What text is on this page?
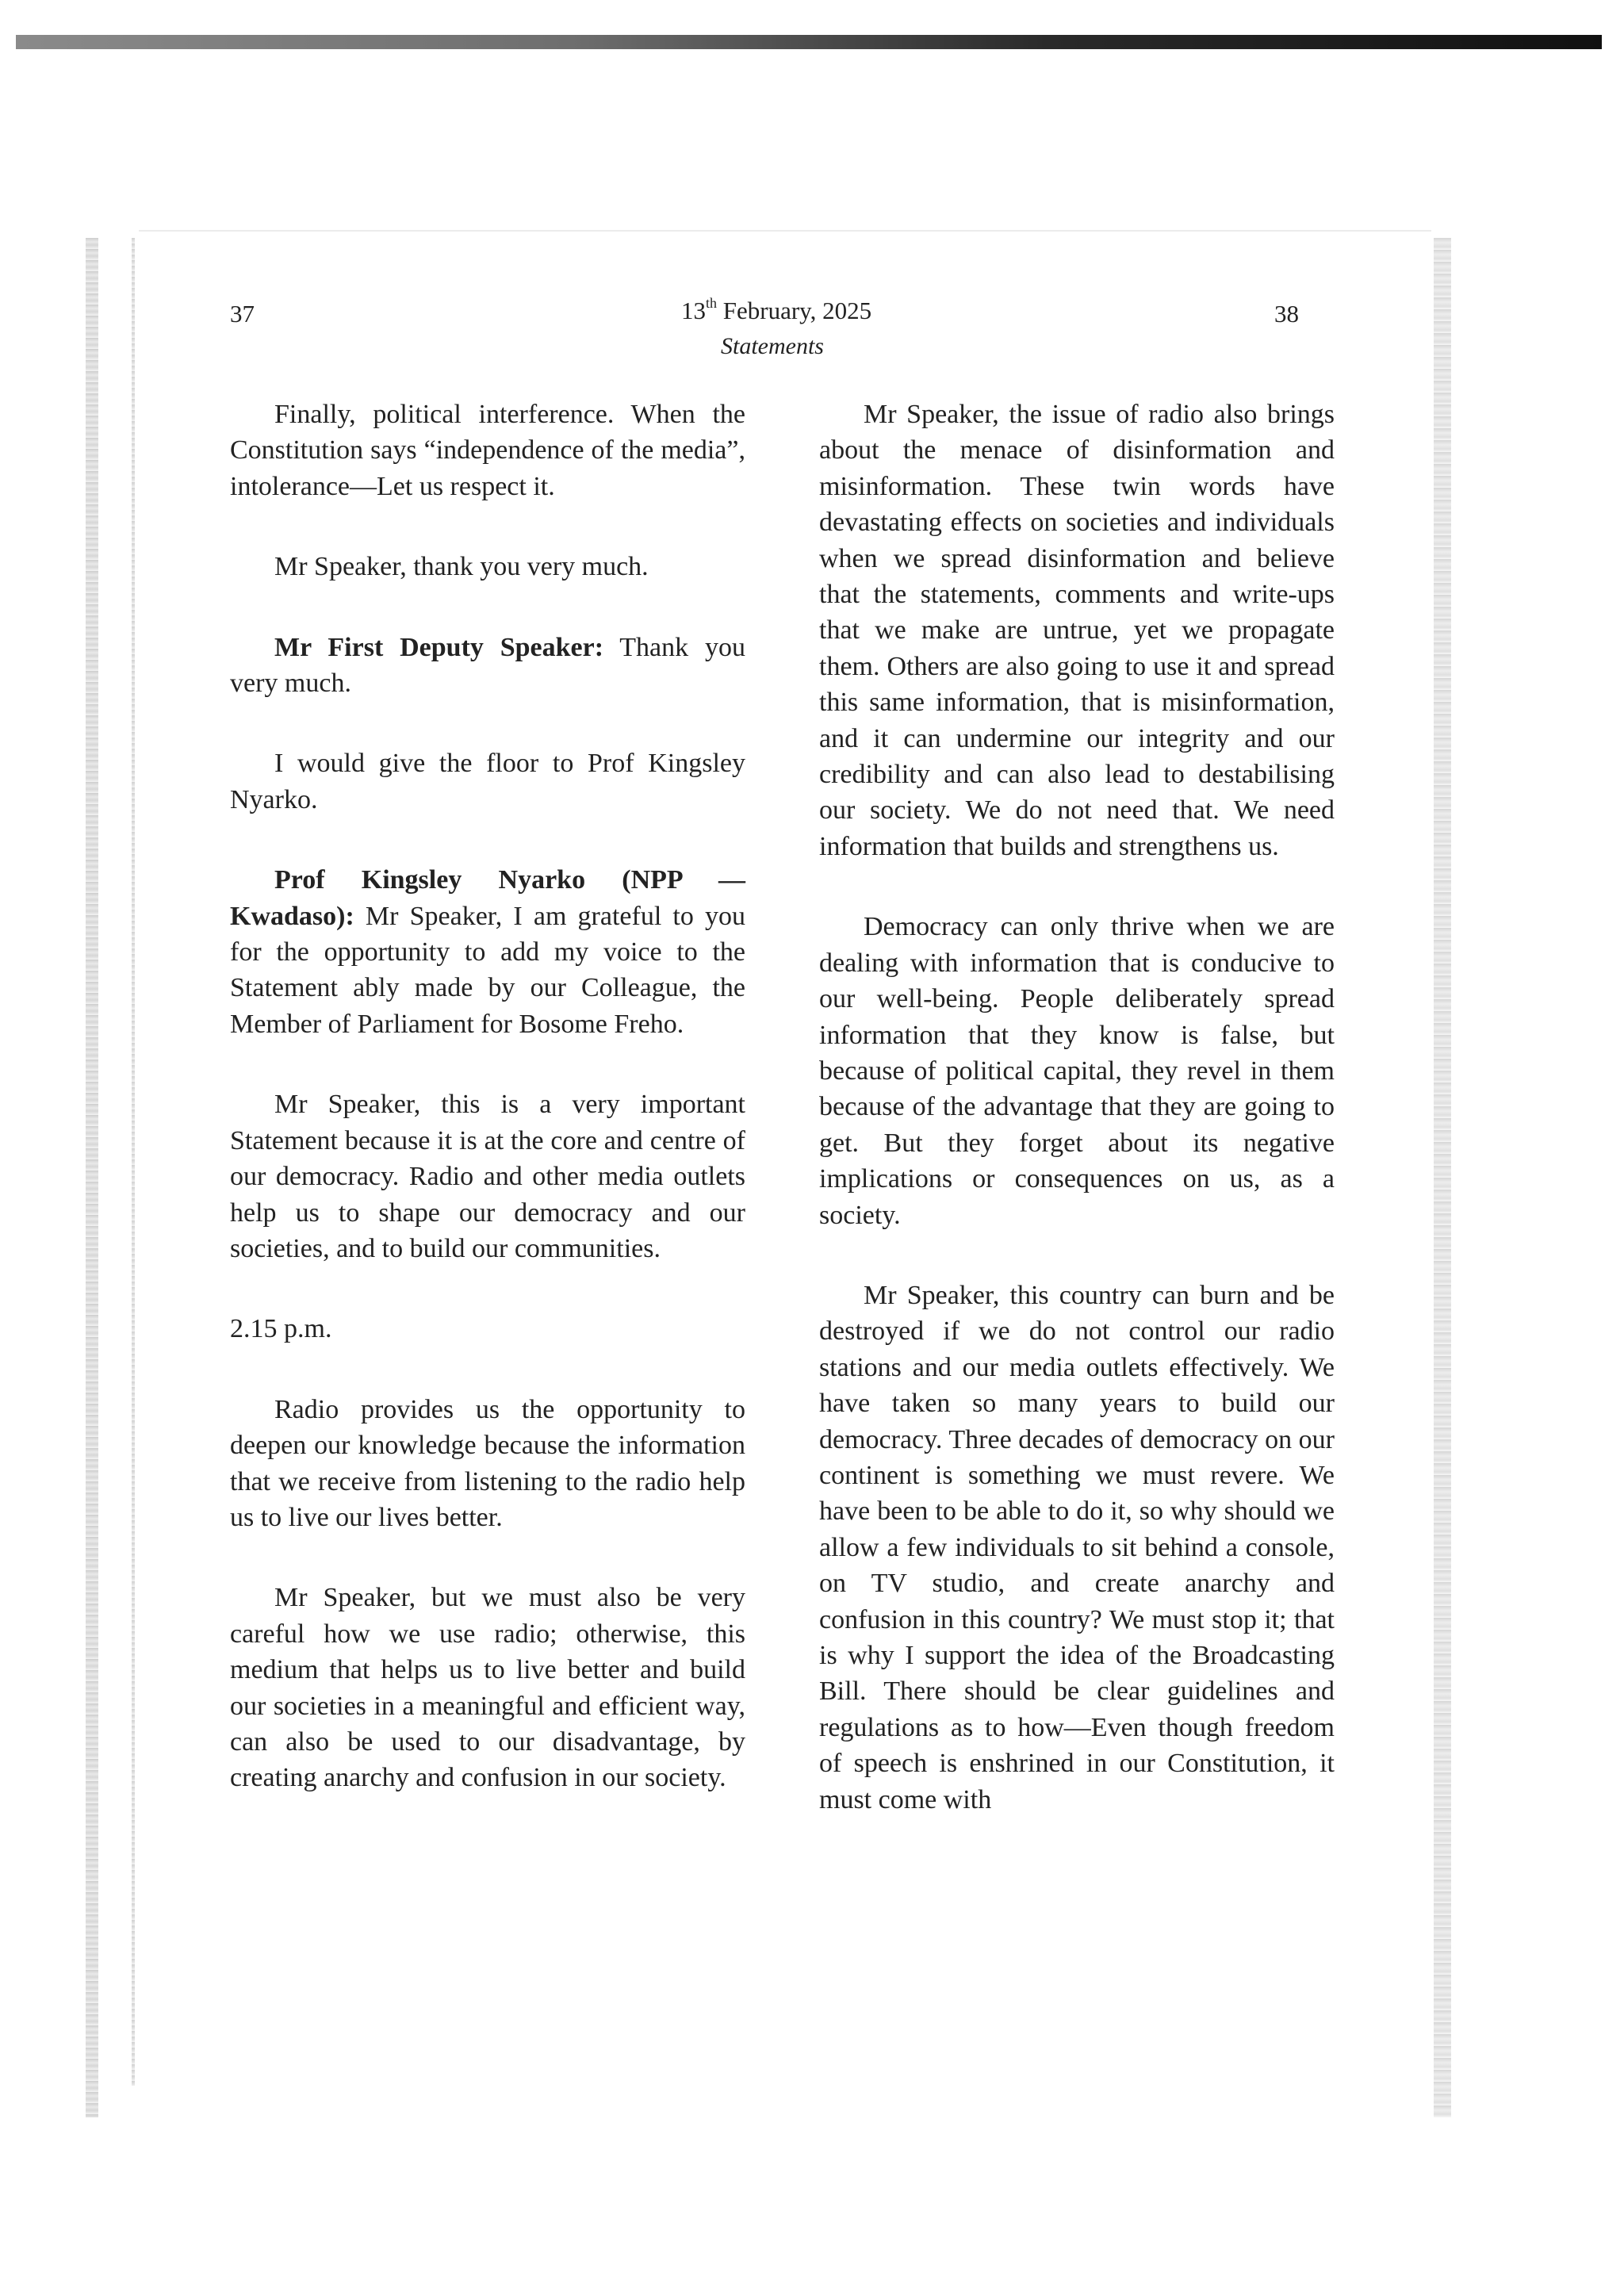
37	13th February, 2025	38
Statements

Finally, political interference. When the Constitution says “independence of the media”, intolerance—Let us respect it.

Mr Speaker, thank you very much.

Mr First Deputy Speaker: Thank you very much.

I would give the floor to Prof Kingsley Nyarko.

Prof Kingsley Nyarko (NPP — Kwadaso): Mr Speaker, I am grateful to you for the opportunity to add my voice to the Statement ably made by our Colleague, the Member of Parliament for Bosome Freho.

Mr Speaker, this is a very important Statement because it is at the core and centre of our democracy. Radio and other media outlets help us to shape our democracy and our societies, and to build our communities.

2.15 p.m.

Radio provides us the opportunity to deepen our knowledge because the information that we receive from listening to the radio help us to live our lives better.

Mr Speaker, but we must also be very careful how we use radio; otherwise, this medium that helps us to live better and build our societies in a meaningful and efficient way, can also be used to our disadvantage, by creating anarchy and confusion in our society.

Mr Speaker, the issue of radio also brings about the menace of disinformation and misinformation. These twin words have devastating effects on societies and individuals when we spread disinformation and believe that the statements, comments and write-ups that we make are untrue, yet we propagate them. Others are also going to use it and spread this same information, that is misinformation, and it can undermine our integrity and our credibility and can also lead to destabilising our society. We do not need that. We need information that builds and strengthens us.

Democracy can only thrive when we are dealing with information that is conducive to our well-being. People deliberately spread information that they know is false, but because of political capital, they revel in them because of the advantage that they are going to get. But they forget about its negative implications or consequences on us, as a society.

Mr Speaker, this country can burn and be destroyed if we do not control our radio stations and our media outlets effectively. We have taken so many years to build our democracy. Three decades of democracy on our continent is something we must revere. We have been to be able to do it, so why should we allow a few individuals to sit behind a console, on TV studio, and create anarchy and confusion in this country? We must stop it; that is why I support the idea of the Broadcasting Bill. There should be clear guidelines and regulations as to how—Even though freedom of speech is enshrined in our Constitution, it must come with
